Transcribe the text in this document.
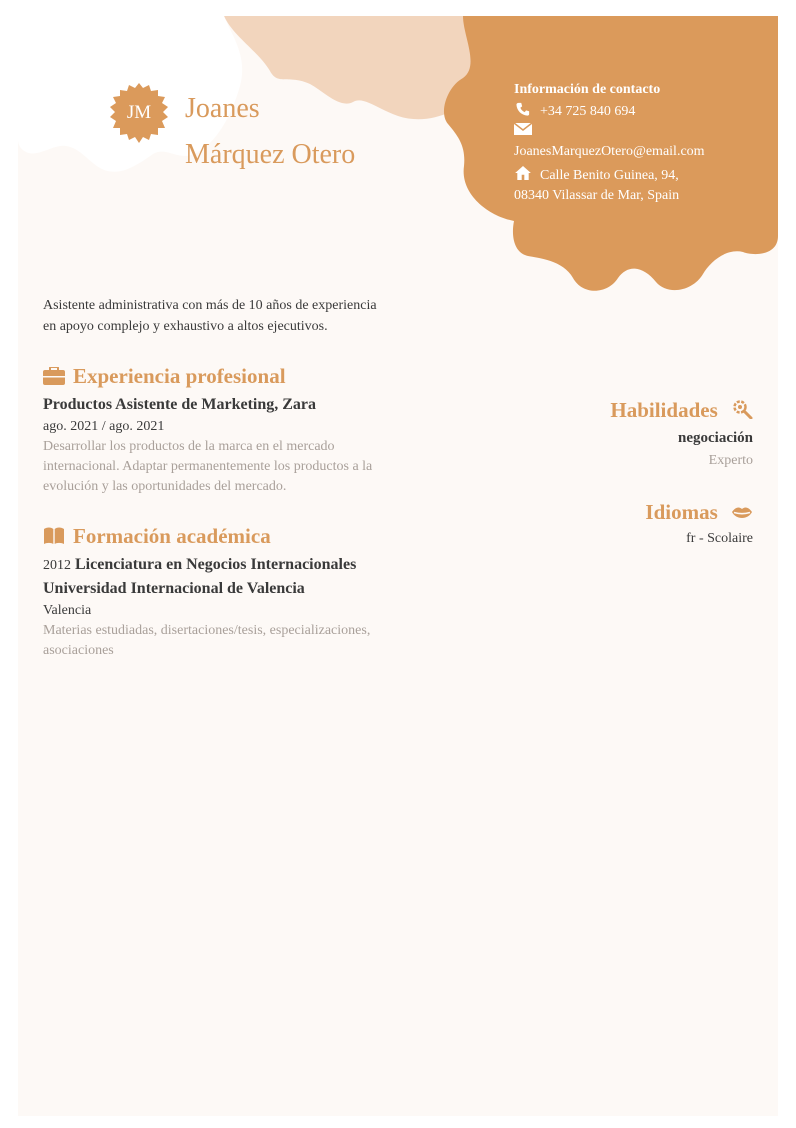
JM	Joanes
Márquez Otero
Información de contacto
+34 725 840 694

JoanesMarquezOtero@email.com
Calle Benito Guinea, 94,
08340 Vilassar de Mar, Spain
Asistente administrativa con más de 10 años de experiencia
en apoyo complejo y exhaustivo a altos ejecutivos.
Experiencia profesional
Productos Asistente de Marketing, Zara
ago. 2021 / ago. 2021
Desarrollar los productos de la marca en el mercado
internacional. Adaptar permanentemente los productos a la
evolución y las oportunidades del mercado.
Formación académica
2012 Licenciatura en Negocios Internacionales
Universidad Internacional de Valencia
Valencia
Materias estudiadas, disertaciones/tesis, especializaciones,
asociaciones
Habilidades
negociación
Experto
Idiomas
fr - Scolaire
